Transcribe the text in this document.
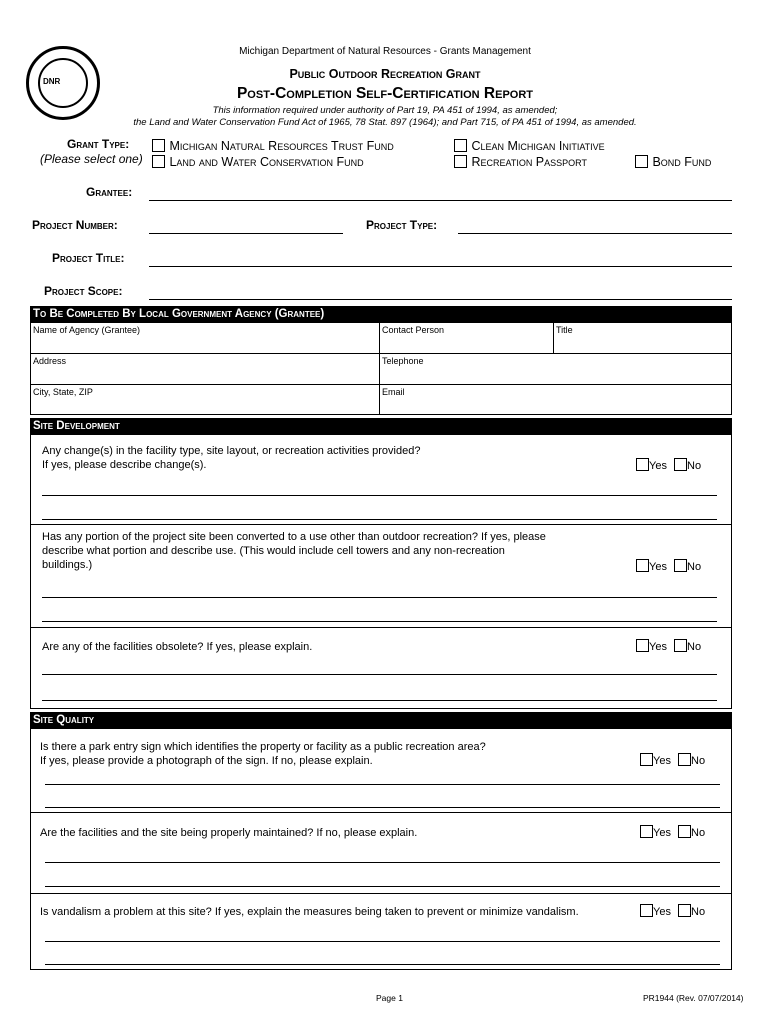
DNR
Michigan Department of Natural Resources - Grants Management
Public Outdoor Recreation Grant
Post-Completion Self-Certification Report
This information required under authority of Part 19, PA 451 of 1994, as amended;
the Land and Water Conservation Fund Act of 1965, 78 Stat. 897 (1964); and Part 715, of PA 451 of 1994, as amended.
Grant Type:
(Please select one)
Michigan Natural Resources Trust Fund	Clean Michigan Initiative
Land and Water Conservation Fund	Recreation Passport	Bond Fund
Grantee:
Project Number:	Project Type:
Project Title:
Project Scope:
To Be Completed By Local Government Agency (Grantee)
Name of Agency (Grantee)	Contact Person	Title
Address	Telephone
City, State, ZIP	Email
Site Development
Any change(s) in the facility type, site layout, or recreation activities provided?
If yes, please describe change(s).	Yes No
Has any portion of the project site been converted to a use other than outdoor recreation? If yes, please
describe what portion and describe use. (This would include cell towers and any non-recreation
buildings.)	Yes No
Are any of the facilities obsolete? If yes, please explain.	Yes No
Site Quality
Is there a park entry sign which identifies the property or facility as a public recreation area?
If yes, please provide a photograph of the sign. If no, please explain.	Yes No
Are the facilities and the site being properly maintained? If no, please explain.	Yes No
Is vandalism a problem at this site? If yes, explain the measures being taken to prevent or minimize vandalism.	Yes No
Page 1	PR1944 (Rev. 07/07/2014)
